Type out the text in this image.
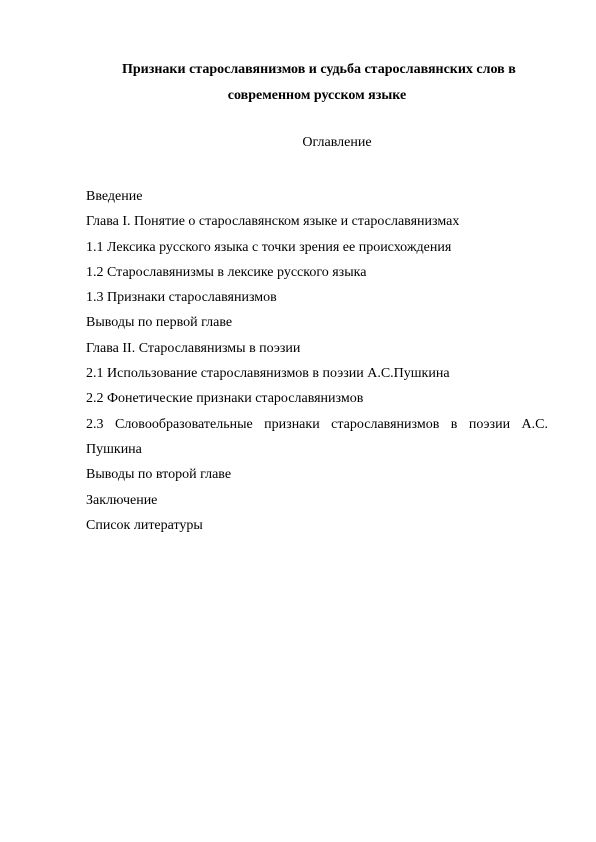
Признаки старославянизмов и судьба старославянских слов в
современном русском языке
Оглавление
Введение
Глава I. Понятие о старославянском языке и старославянизмах
1.1 Лексика русского языка с точки зрения ее происхождения
1.2 Старославянизмы в лексике русского языка
1.3 Признаки старославянизмов
Выводы по первой главе
Глава II. Старославянизмы в поэзии
2.1 Использование старославянизмов в поэзии А.С.Пушкина
2.2 Фонетические признаки старославянизмов
2.3 Словообразовательные признаки старославянизмов в поэзии А.С. Пушкина
Выводы по второй главе
Заключение
Список литературы
